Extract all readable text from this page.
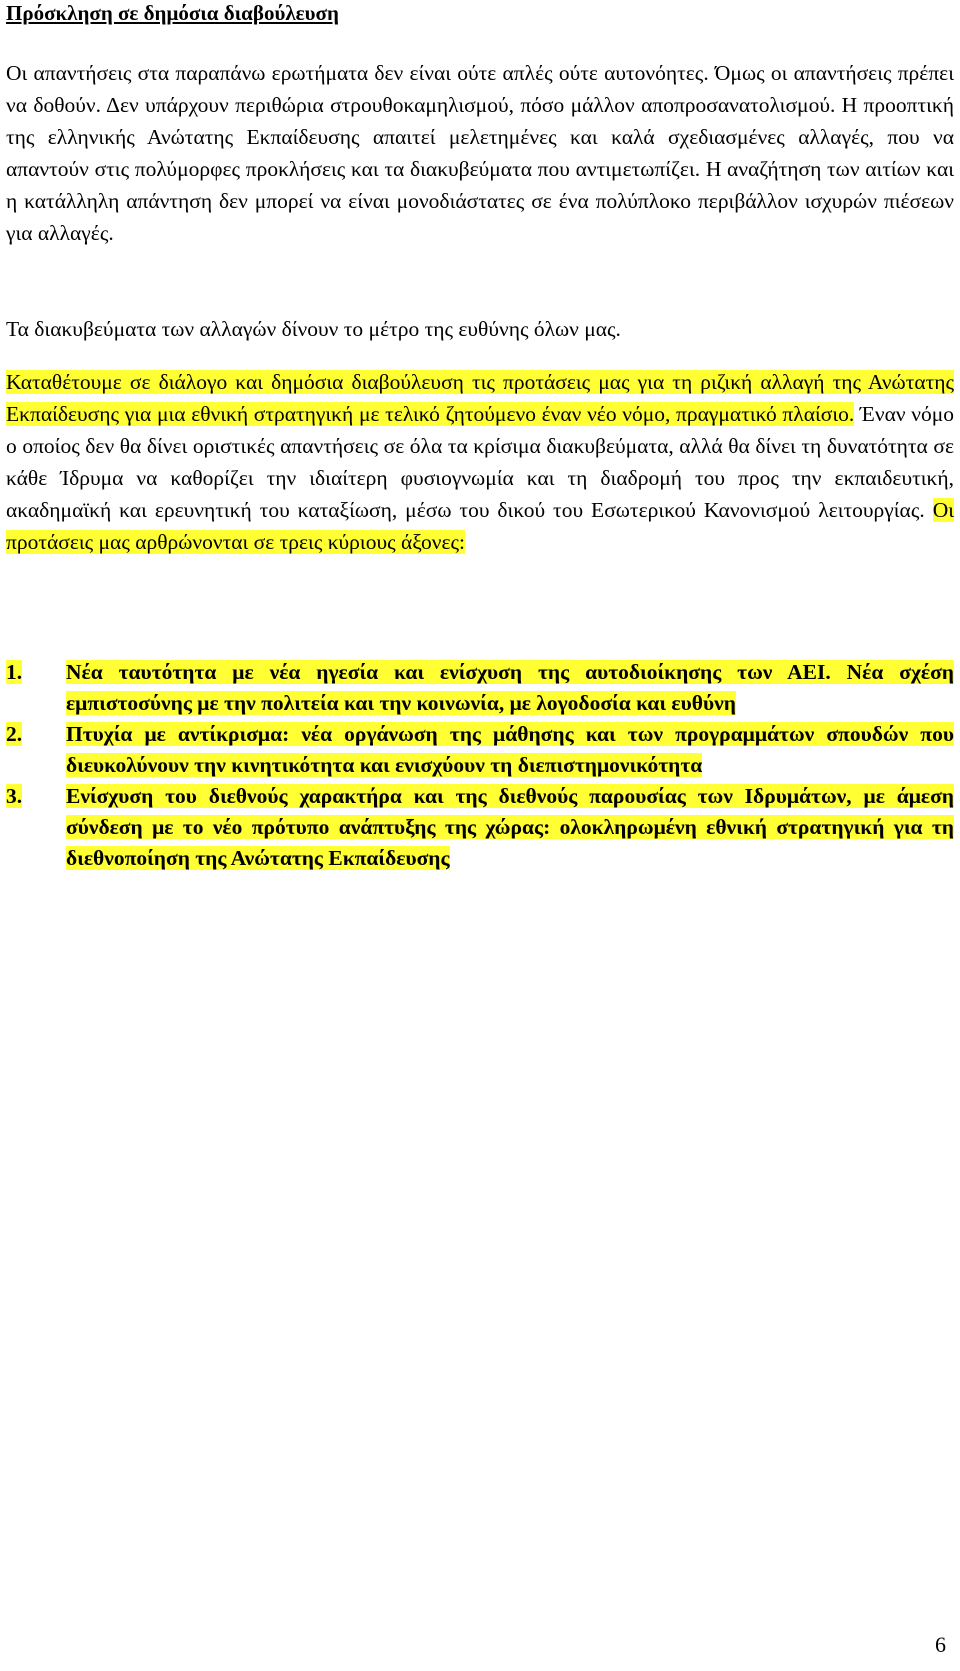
Πρόσκληση σε δημόσια διαβούλευση

Οι απαντήσεις στα παραπάνω ερωτήματα δεν είναι ούτε απλές ούτε αυτονόητες. Όμως οι απαντήσεις πρέπει να δοθούν. Δεν υπάρχουν περιθώρια στρουθοκαμηλισμού, πόσο μάλλον αποπροσανατολισμού. Η προοπτική της ελληνικής Ανώτατης Εκπαίδευσης απαιτεί μελετημένες και καλά σχεδιασμένες αλλαγές, που να απαντούν στις πολύμορφες προκλήσεις και τα διακυβεύματα που αντιμετωπίζει. Η αναζήτηση των αιτίων και η κατάλληλη απάντηση δεν μπορεί να είναι μονοδιάστατες σε ένα πολύπλοκο περιβάλλον ισχυρών πιέσεων για αλλαγές.

Τα διακυβεύματα των αλλαγών δίνουν το μέτρο της ευθύνης όλων μας.

Καταθέτουμε σε διάλογο και δημόσια διαβούλευση τις προτάσεις μας για τη ριζική αλλαγή της Ανώτατης Εκπαίδευσης για μια εθνική στρατηγική με τελικό ζητούμενο έναν νέο νόμο, πραγματικό πλαίσιο. Έναν νόμο ο οποίος δεν θα δίνει οριστικές απαντήσεις σε όλα τα κρίσιμα διακυβεύματα, αλλά θα δίνει τη δυνατότητα σε κάθε Ίδρυμα να καθορίζει την ιδιαίτερη φυσιογνωμία και τη διαδρομή του προς την εκπαιδευτική, ακαδημαϊκή και ερευνητική του καταξίωση, μέσω του δικού του Εσωτερικού Κανονισμού λειτουργίας. Οι προτάσεις μας αρθρώνονται σε τρεις κύριους άξονες:

1.	Νέα ταυτότητα με νέα ηγεσία και ενίσχυση της αυτοδιοίκησης των ΑΕΙ. Νέα σχέση εμπιστοσύνης με την πολιτεία και την κοινωνία, με λογοδοσία και ευθύνη
2.	Πτυχία με αντίκρισμα: νέα οργάνωση της μάθησης και των προγραμμάτων σπουδών που διευκολύνουν την κινητικότητα και ενισχύουν τη διεπιστημονικότητα
3.	Ενίσχυση του διεθνούς χαρακτήρα και της διεθνούς παρουσίας των Ιδρυμάτων, με άμεση σύνδεση με το νέο πρότυπο ανάπτυξης της χώρας: ολοκληρωμένη εθνική στρατηγική για τη διεθνοποίηση της Ανώτατης Εκπαίδευσης
6
